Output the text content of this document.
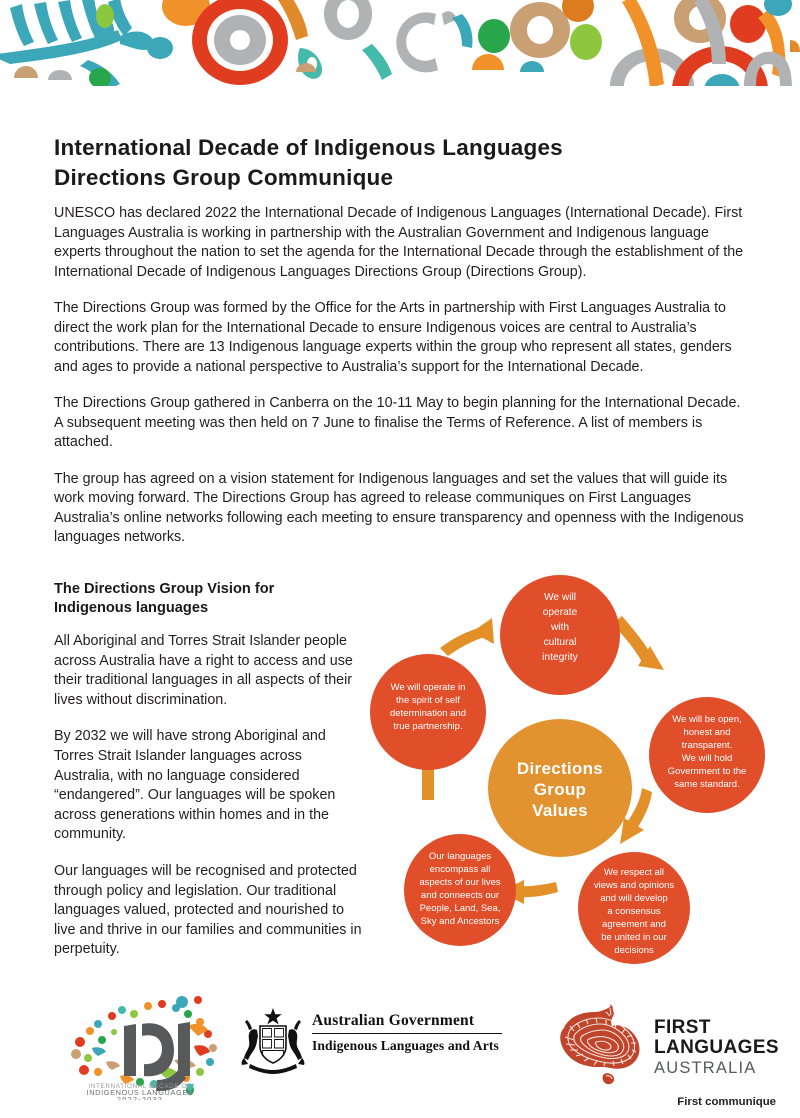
International Decade of Indigenous Languages
Directions Group Communique

UNESCO has declared 2022 the International Decade of Indigenous Languages (International Decade). First Languages Australia is working in partnership with the Australian Government and Indigenous language experts throughout the nation to set the agenda for the International Decade through the establishment of the International Decade of Indigenous Languages Directions Group (Directions Group).

The Directions Group was formed by the Office for the Arts in partnership with First Languages Australia to direct the work plan for the International Decade to ensure Indigenous voices are central to Australia’s contributions. There are 13 Indigenous language experts within the group who represent all states, genders and ages to provide a national perspective to Australia’s support for the International Decade.

The Directions Group gathered in Canberra on the 10-11 May to begin planning for the International Decade. A subsequent meeting was then held on 7 June to finalise the Terms of Reference. A list of members is attached.

The group has agreed on a vision statement for Indigenous languages and set the values that will guide its work moving forward. The Directions Group has agreed to release communiques on First Languages Australia’s online networks following each meeting to ensure transparency and openness with the Indigenous languages networks.

The Directions Group Vision for
Indigenous languages

All Aboriginal and Torres Strait Islander people across Australia have a right to access and use their traditional languages in all aspects of their lives without discrimination.

By 2032 we will have strong Aboriginal and Torres Strait Islander languages across Australia, with no language considered “endangered”. Our languages will be spoken across generations within homes and in the community.

Our languages will be recognised and protected through policy and legislation. Our traditional languages valued, protected and nourished to live and thrive in our families and communities in perpetuity.

Directions
Group
Values
We will
operate
with
cultural
integrity
We will be open,
honest and
transparent.
We will hold
Government to the
same standard.
We respect all
views and opinions
and will develop
a consensus
agreement and
be united in our
decisions
Our languages
encompass all
aspects of our lives
and conneects our
People, Land, Sea,
Sky and Ancestors
We will operate in
the spirit of self
determination and
true partnership.
INTERNATIONAL DECADE OF
INDIGENOUS LANGUAGES
2022-2032
Australian Government
Indigenous Languages and Arts
FIRST
LANGUAGES
AUSTRALIA
First communique
